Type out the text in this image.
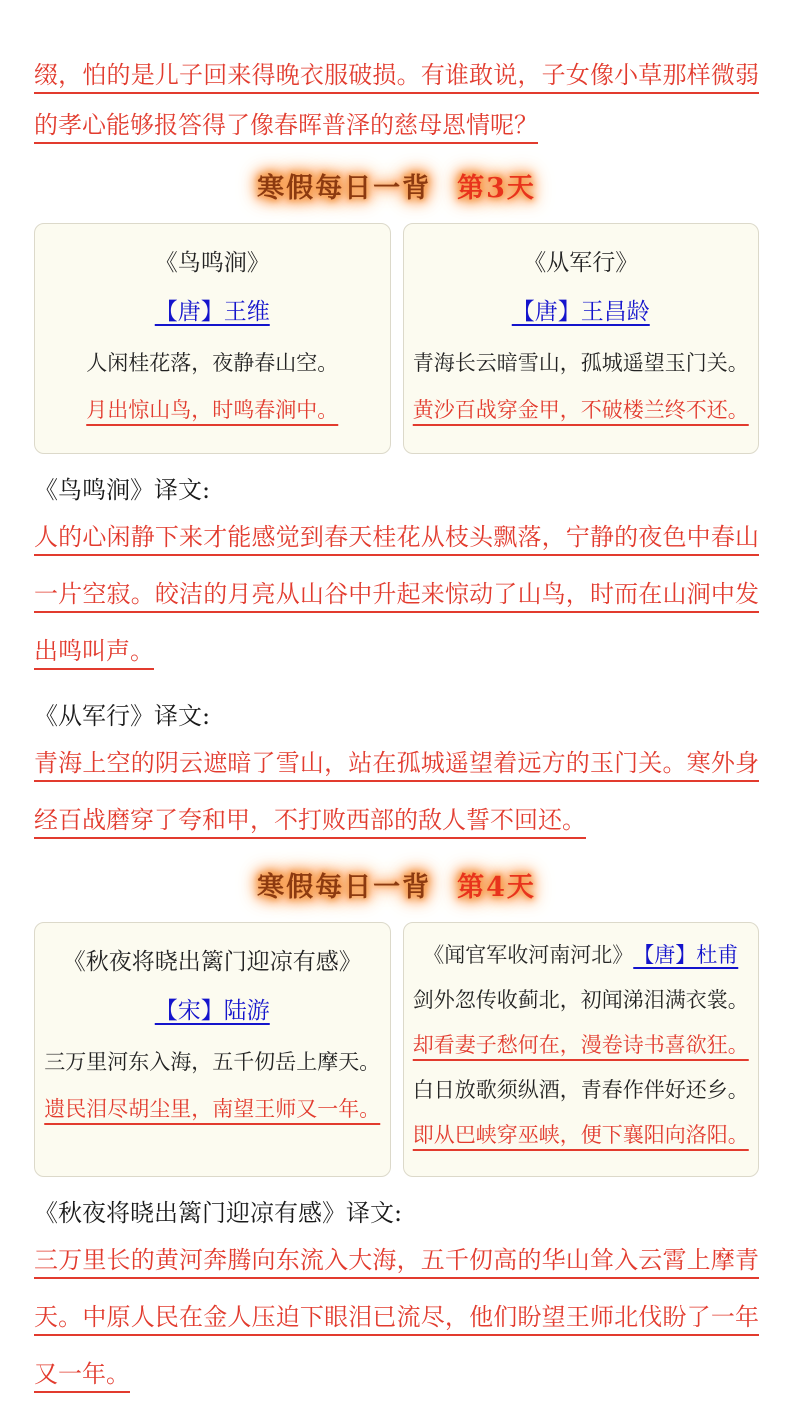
缀，怕的是儿子回来得晚衣服破损。有谁敢说，子女像小草那样微弱的孝心能够报答得了像春晖普泽的慈母恩情呢？

寒假每日一背 第3天
《鸟鸣涧》
【唐】王维
人闲桂花落，夜静春山空。
月出惊山鸟，时鸣春涧中。
《从军行》
【唐】王昌龄
青海长云暗雪山，孤城遥望玉门关。
黄沙百战穿金甲，不破楼兰终不还。
《鸟鸣涧》译文:

人的心闲静下来才能感觉到春天桂花从枝头飘落，宁静的夜色中春山一片空寂。皎洁的月亮从山谷中升起来惊动了山鸟，时而在山涧中发出鸣叫声。

《从军行》译文:

青海上空的阴云遮暗了雪山，站在孤城遥望着远方的玉门关。寒外身经百战磨穿了夸和甲，不打败西部的敌人誓不回还。

寒假每日一背 第4天
《秋夜将晓出篱门迎凉有感》
【宋】陆游
三万里河东入海，五千仞岳上摩天。
遗民泪尽胡尘里，南望王师又一年。
《闻官军收河南河北》【唐】杜甫
剑外忽传收蓟北，初闻涕泪满衣裳。
却看妻子愁何在，漫卷诗书喜欲狂。
白日放歌须纵酒，青春作伴好还乡。
即从巴峡穿巫峡，便下襄阳向洛阳。
《秋夜将晓出篱门迎凉有感》译文:

三万里长的黄河奔腾向东流入大海，五千仞高的华山耸入云霄上摩青天。中原人民在金人压迫下眼泪已流尽，他们盼望王师北伐盼了一年又一年。
